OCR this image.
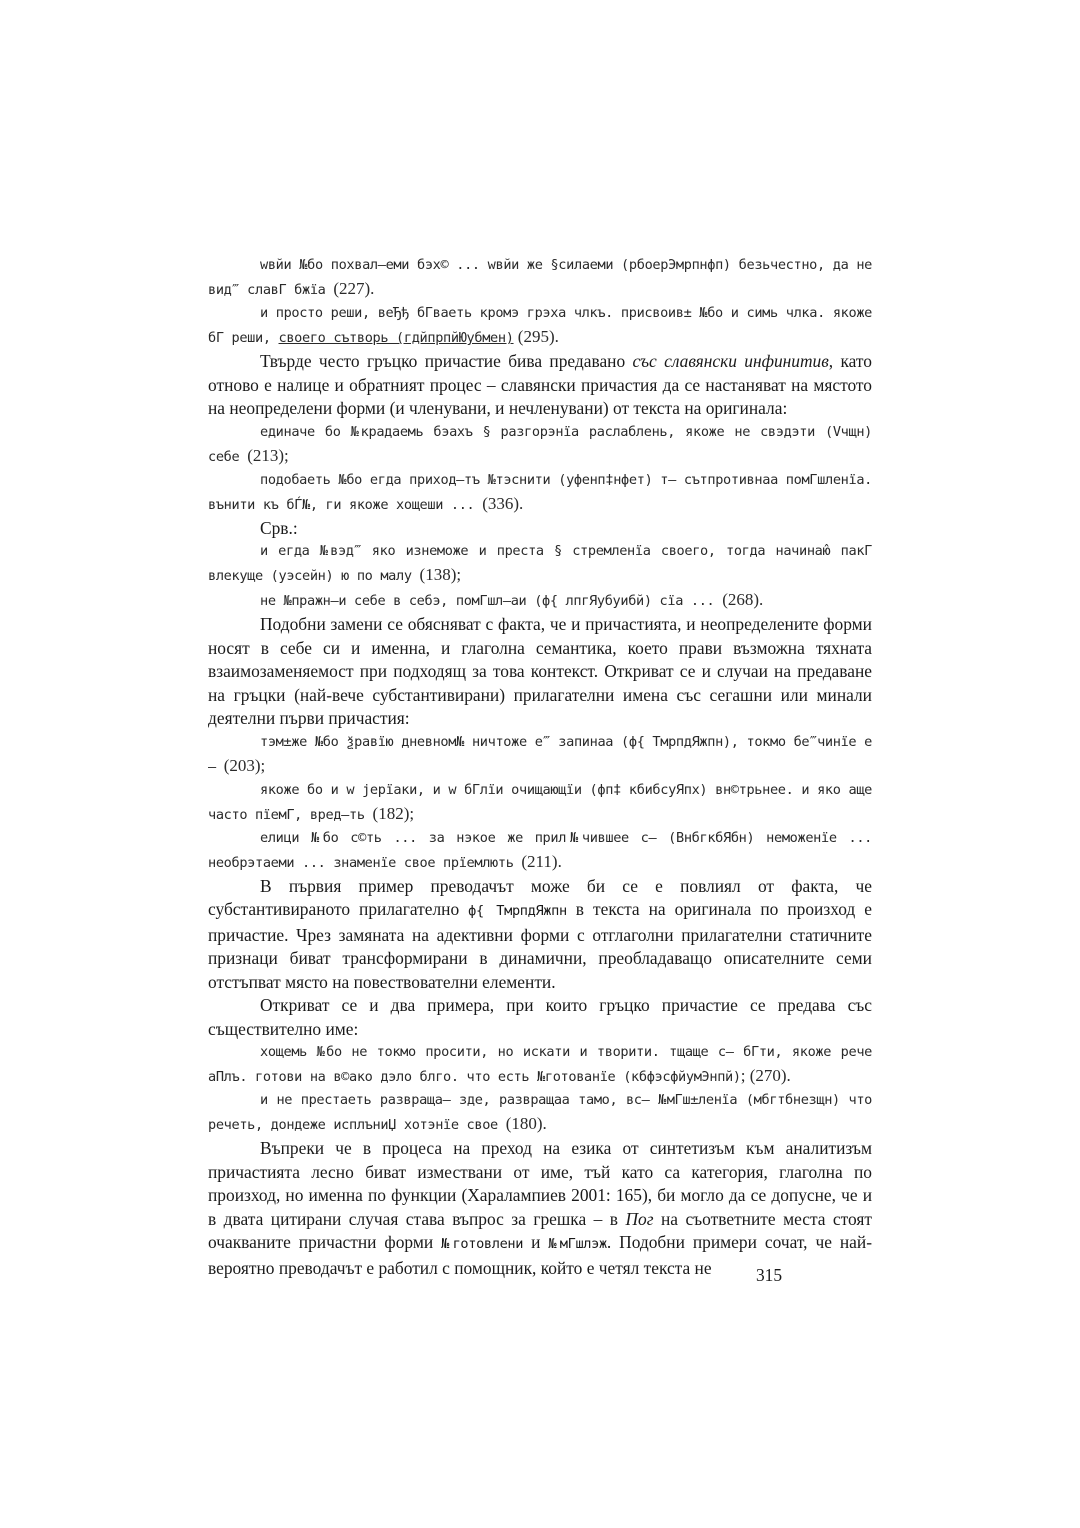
wвйи №бо похвал—еми бэх© ... wвйи же §силаеми (рбоерЭмрпнфп) безьчестно, да не вид‴ славГ бжїа (227).

и просто реши, веЂђ бГваеть кромэ грэха члкъ. присвоив± №бо и симь члка. якоже бГ реши, своего сътворь (гдйпрпйЮубмен) (295).

Твърде често гръцко причастие бива предавано със славянски инфинитив, като отново е налице и обратният процес – славянски причастия да се настаняват на мястото на неопределени форми (и членувани, и нечленувани) от текста на оригинала:

единаче бо №крадаемь бэахъ § разгорэнїа раслаблень, якоже не свэдэти (Vчщн) себе (213);

подобаеть №бо егда приход—тъ №тэснити (уфенп‡нфет) т— сътпротивнаа помГшленїа. вънити къ бЃ№, ги якоже хощеши ... (336).

Срв.:

и егда №вэд‴ яко изнеможе и преста § стремленїа своего, тогда начинаю̂ пакГ влекуще (уэсейн) ю по малу (138);

не №пражн—и себе в себэ, помГшл—аи (ф{ лпгЯубуибй) сїа ... (268).

Подобни замени се обясняват с факта, че и причастията, и неопределените форми носят в себе си и именна, и глаголна семантика, което прави възможна тяхната взаимозаменяемост при подходящ за това контекст. Откриват се и случаи на предаване на гръцки (най-вече субстантивирани) прилагателни имена със сегашни или минали деятелни първи причастия:

тэм±же №бо ѯравїю дневном№ ничтоже е‴ запинаа (ф{ ТмрпдЯжпн), токмо бе‴чинїе е— (203);

якоже бо и w јерїаки, и w бГлїи очищающїи (фп‡ кбибсуЯпх) вн©трьнее. и яко аще часто пїемГ, вред—ть (182);

елици №бо с©ть ... за нэкое же прил№чившее с— (ВнбгкбЯбн) неможенїе ... необрэтаеми ... знаменїе свое прїемлють (211).

В първия пример преводачът може би се е повлиял от факта, че субстантивираното прилагателно ф{ ТмрпдЯжпн в текста на оригинала по произход е причастие. Чрез замяната на адективни форми с отглаголни прилагателни статичните признаци биват трансформирани в динамични, преобладаващо описателните семи отстъпват място на повествователни елементи.

Откриват се и два примера, при които гръцко причастие се предава със съществително име:

хощемь №бо не токмо просити, но искати и творити. тщаще с— бГти, якоже рече аПлъ. готови на в©ако дэло блго. что есть №готованїе (кбфэсфйумЭнпй); (270).

и не престаеть развраща— зде, развращаа тамо, вс— №мГш±ленїа (мбгтбнезщн) что речеть, дондеже исплъниЏ хотэнїе свое (180).

Въпреки че в процеса на преход на езика от синтетизъм към аналитизъм причастията лесно биват измествани от име, тъй като са категория, глаголна по произход, но именна по функции (Харалампиев 2001: 165), би могло да се допусне, че и в двата цитирани случая става въпрос за грешка – в Пог на съответните места стоят очакваните причастни форми №готовлени и №мГшлэж. Подобни примери сочат, че най-вероятно преводачът е работил с помощник, който е четял текста не	315
